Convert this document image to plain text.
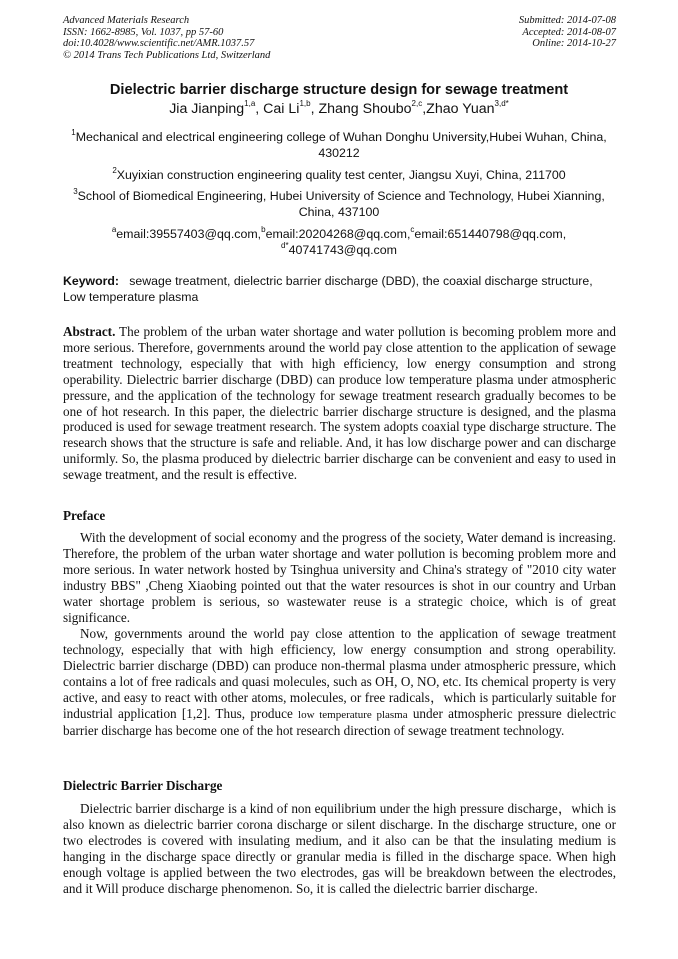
Advanced Materials Research
ISSN: 1662-8985, Vol. 1037, pp 57-60
doi:10.4028/www.scientific.net/AMR.1037.57
© 2014 Trans Tech Publications Ltd, Switzerland
Submitted: 2014-07-08
Accepted: 2014-08-07
Online: 2014-10-27
Dielectric barrier discharge structure design for sewage treatment
Jia Jianping$^{1,a}$, Cai Li$^{1,b}$, Zhang Shoubo$^{2,c}$,Zhao Yuan$^{3,d*}$
$^1$Mechanical and electrical engineering college of Wuhan Donghu University,Hubei Wuhan, China, 430212
$^2$Xuyixian construction engineering quality test center, Jiangsu Xuyi, China, 211700
$^3$School of Biomedical Engineering, Hubei University of Science and Technology, Hubei Xianning, China, 437100
$^a$email:39557403@qq.com,$^b$email:20204268@qq.com,$^c$email:651440798@qq.com, $^{d*}$40741743@qq.com
Keyword: sewage treatment, dielectric barrier discharge (DBD), the coaxial discharge structure, Low temperature plasma

Abstract. The problem of the urban water shortage and water pollution is becoming problem more and more serious. Therefore, governments around the world pay close attention to the application of sewage treatment technology, especially that with high efficiency, low energy consumption and strong operability. Dielectric barrier discharge (DBD) can produce low temperature plasma under atmospheric pressure, and the application of the technology for sewage treatment research gradually becomes to be one of hot research. In this paper, the dielectric barrier discharge structure is designed, and the plasma produced is used for sewage treatment research. The system adopts coaxial type discharge structure. The research shows that the structure is safe and reliable. And, it has low discharge power and can discharge uniformly. So, the plasma produced by dielectric barrier discharge can be convenient and easy to used in sewage treatment, and the result is effective.

Preface

With the development of social economy and the progress of the society, Water demand is increasing. Therefore, the problem of the urban water shortage and water pollution is becoming problem more and more serious. In water network hosted by Tsinghua university and China's strategy of "2010 city water industry BBS" ,Cheng Xiaobing pointed out that the water resources is shot in our country and Urban water shortage problem is serious, so wastewater reuse is a strategic choice, which is of great significance.

Now, governments around the world pay close attention to the application of sewage treatment technology, especially that with high efficiency, low energy consumption and strong operability. Dielectric barrier discharge (DBD) can produce non-thermal plasma under atmospheric pressure, which contains a lot of free radicals and quasi molecules, such as OH, O, NO, etc. Its chemical property is very active, and easy to react with other atoms, molecules, or free radicals，which is particularly suitable for industrial application [1,2]. Thus, produce low temperature plasma under atmospheric pressure dielectric barrier discharge has become one of the hot research direction of sewage treatment technology.

Dielectric Barrier Discharge

Dielectric barrier discharge is a kind of non equilibrium under the high pressure discharge，which is also known as dielectric barrier corona discharge or silent discharge. In the discharge structure, one or two electrodes is covered with insulating medium, and it also can be that the insulating medium is hanging in the discharge space directly or granular media is filled in the discharge space. When high enough voltage is applied between the two electrodes, gas will be breakdown between the electrodes, and it Will produce discharge phenomenon. So, it is called the dielectric barrier discharge.
